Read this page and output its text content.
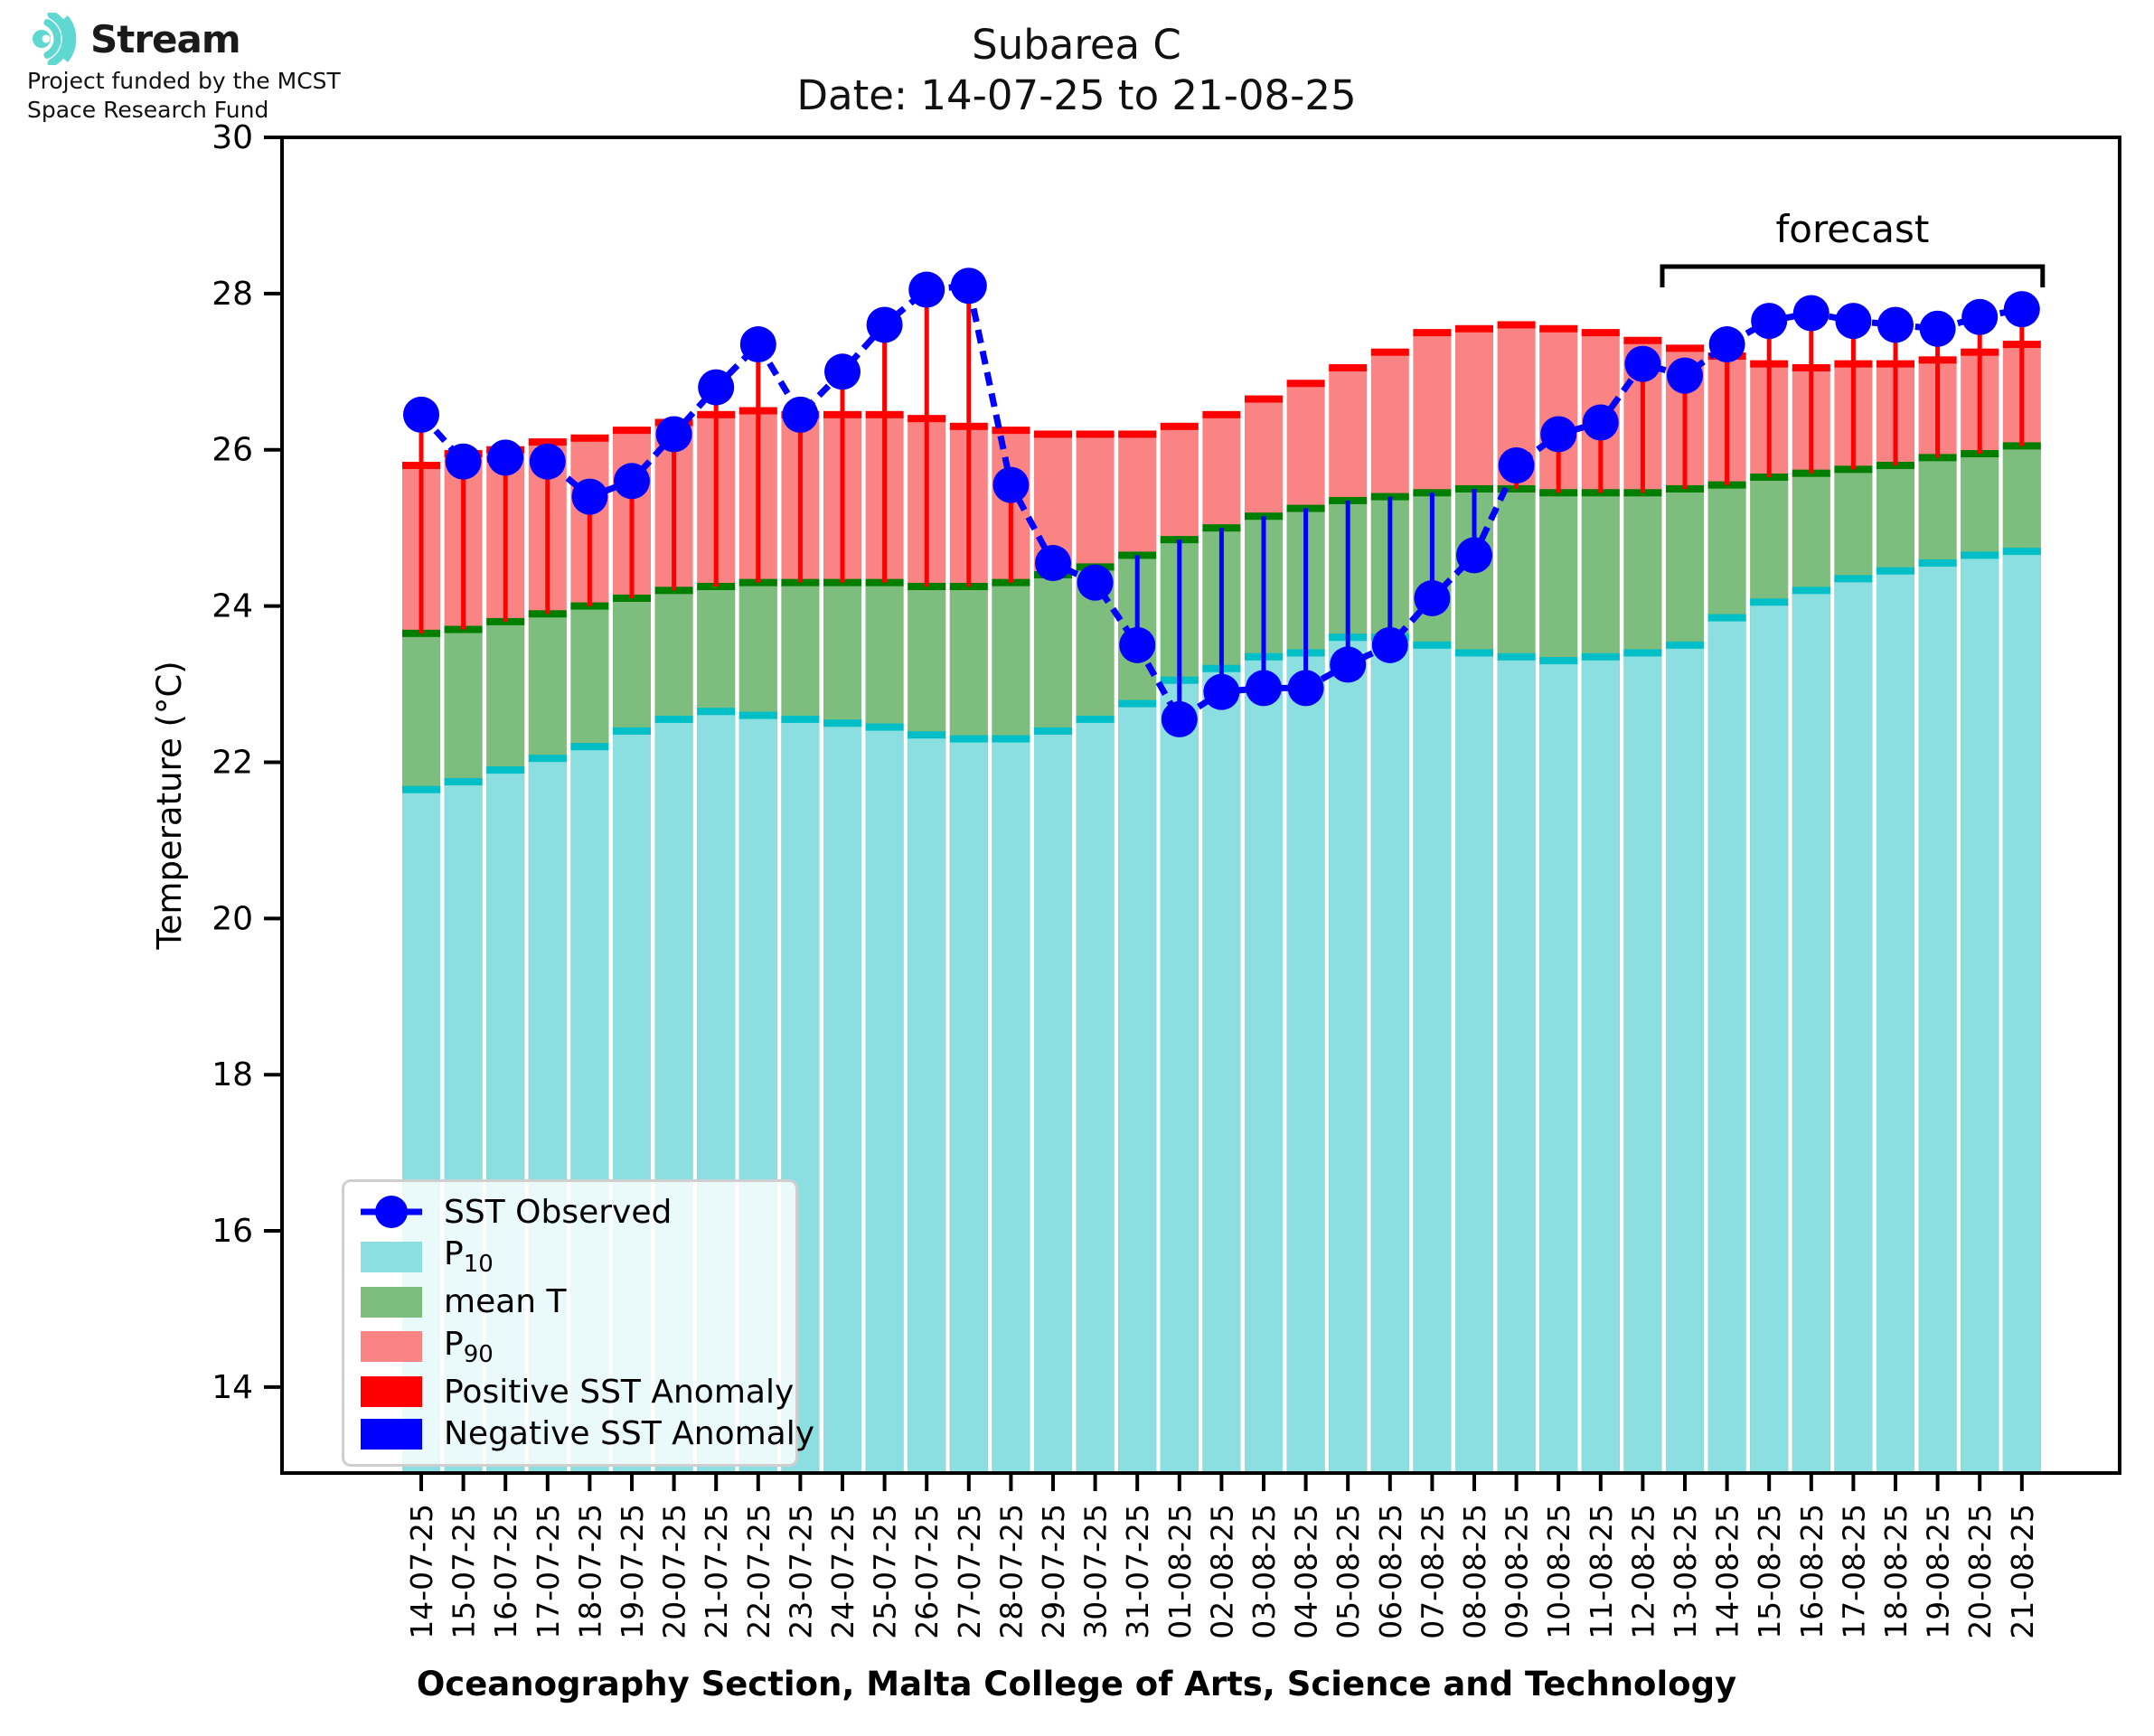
14
16
18
20
22
24
26
28
30
Temperature (°C)
14-07-25 15-07-25 16-07-25 17-07-25 18-07-25 19-07-25 20-07-25 21-07-25 22-07-25 23-07-25 24-07-25 25-07-25 26-07-25 27-07-25 28-07-25 29-07-25 30-07-25 31-07-25 01-08-25 02-08-25 03-08-25 04-08-25 05-08-25 06-08-25 07-08-25 08-08-25 09-08-25 10-08-25 11-08-25 12-08-25 13-08-25 14-08-25 15-08-25 16-08-25 17-08-25 18-08-25 19-08-25 20-08-25 21-08-25
forecast
Stream
Project funded by the MCST
Space Research Fund
Subarea C
Date: 14-07-25 to 21-08-25
SST Observed
$P_{10}$
mean T
$P_{90}$
Positive SST Anomaly
Negative SST Anomaly
Oceanography Section, Malta College of Arts, Science and Technology
